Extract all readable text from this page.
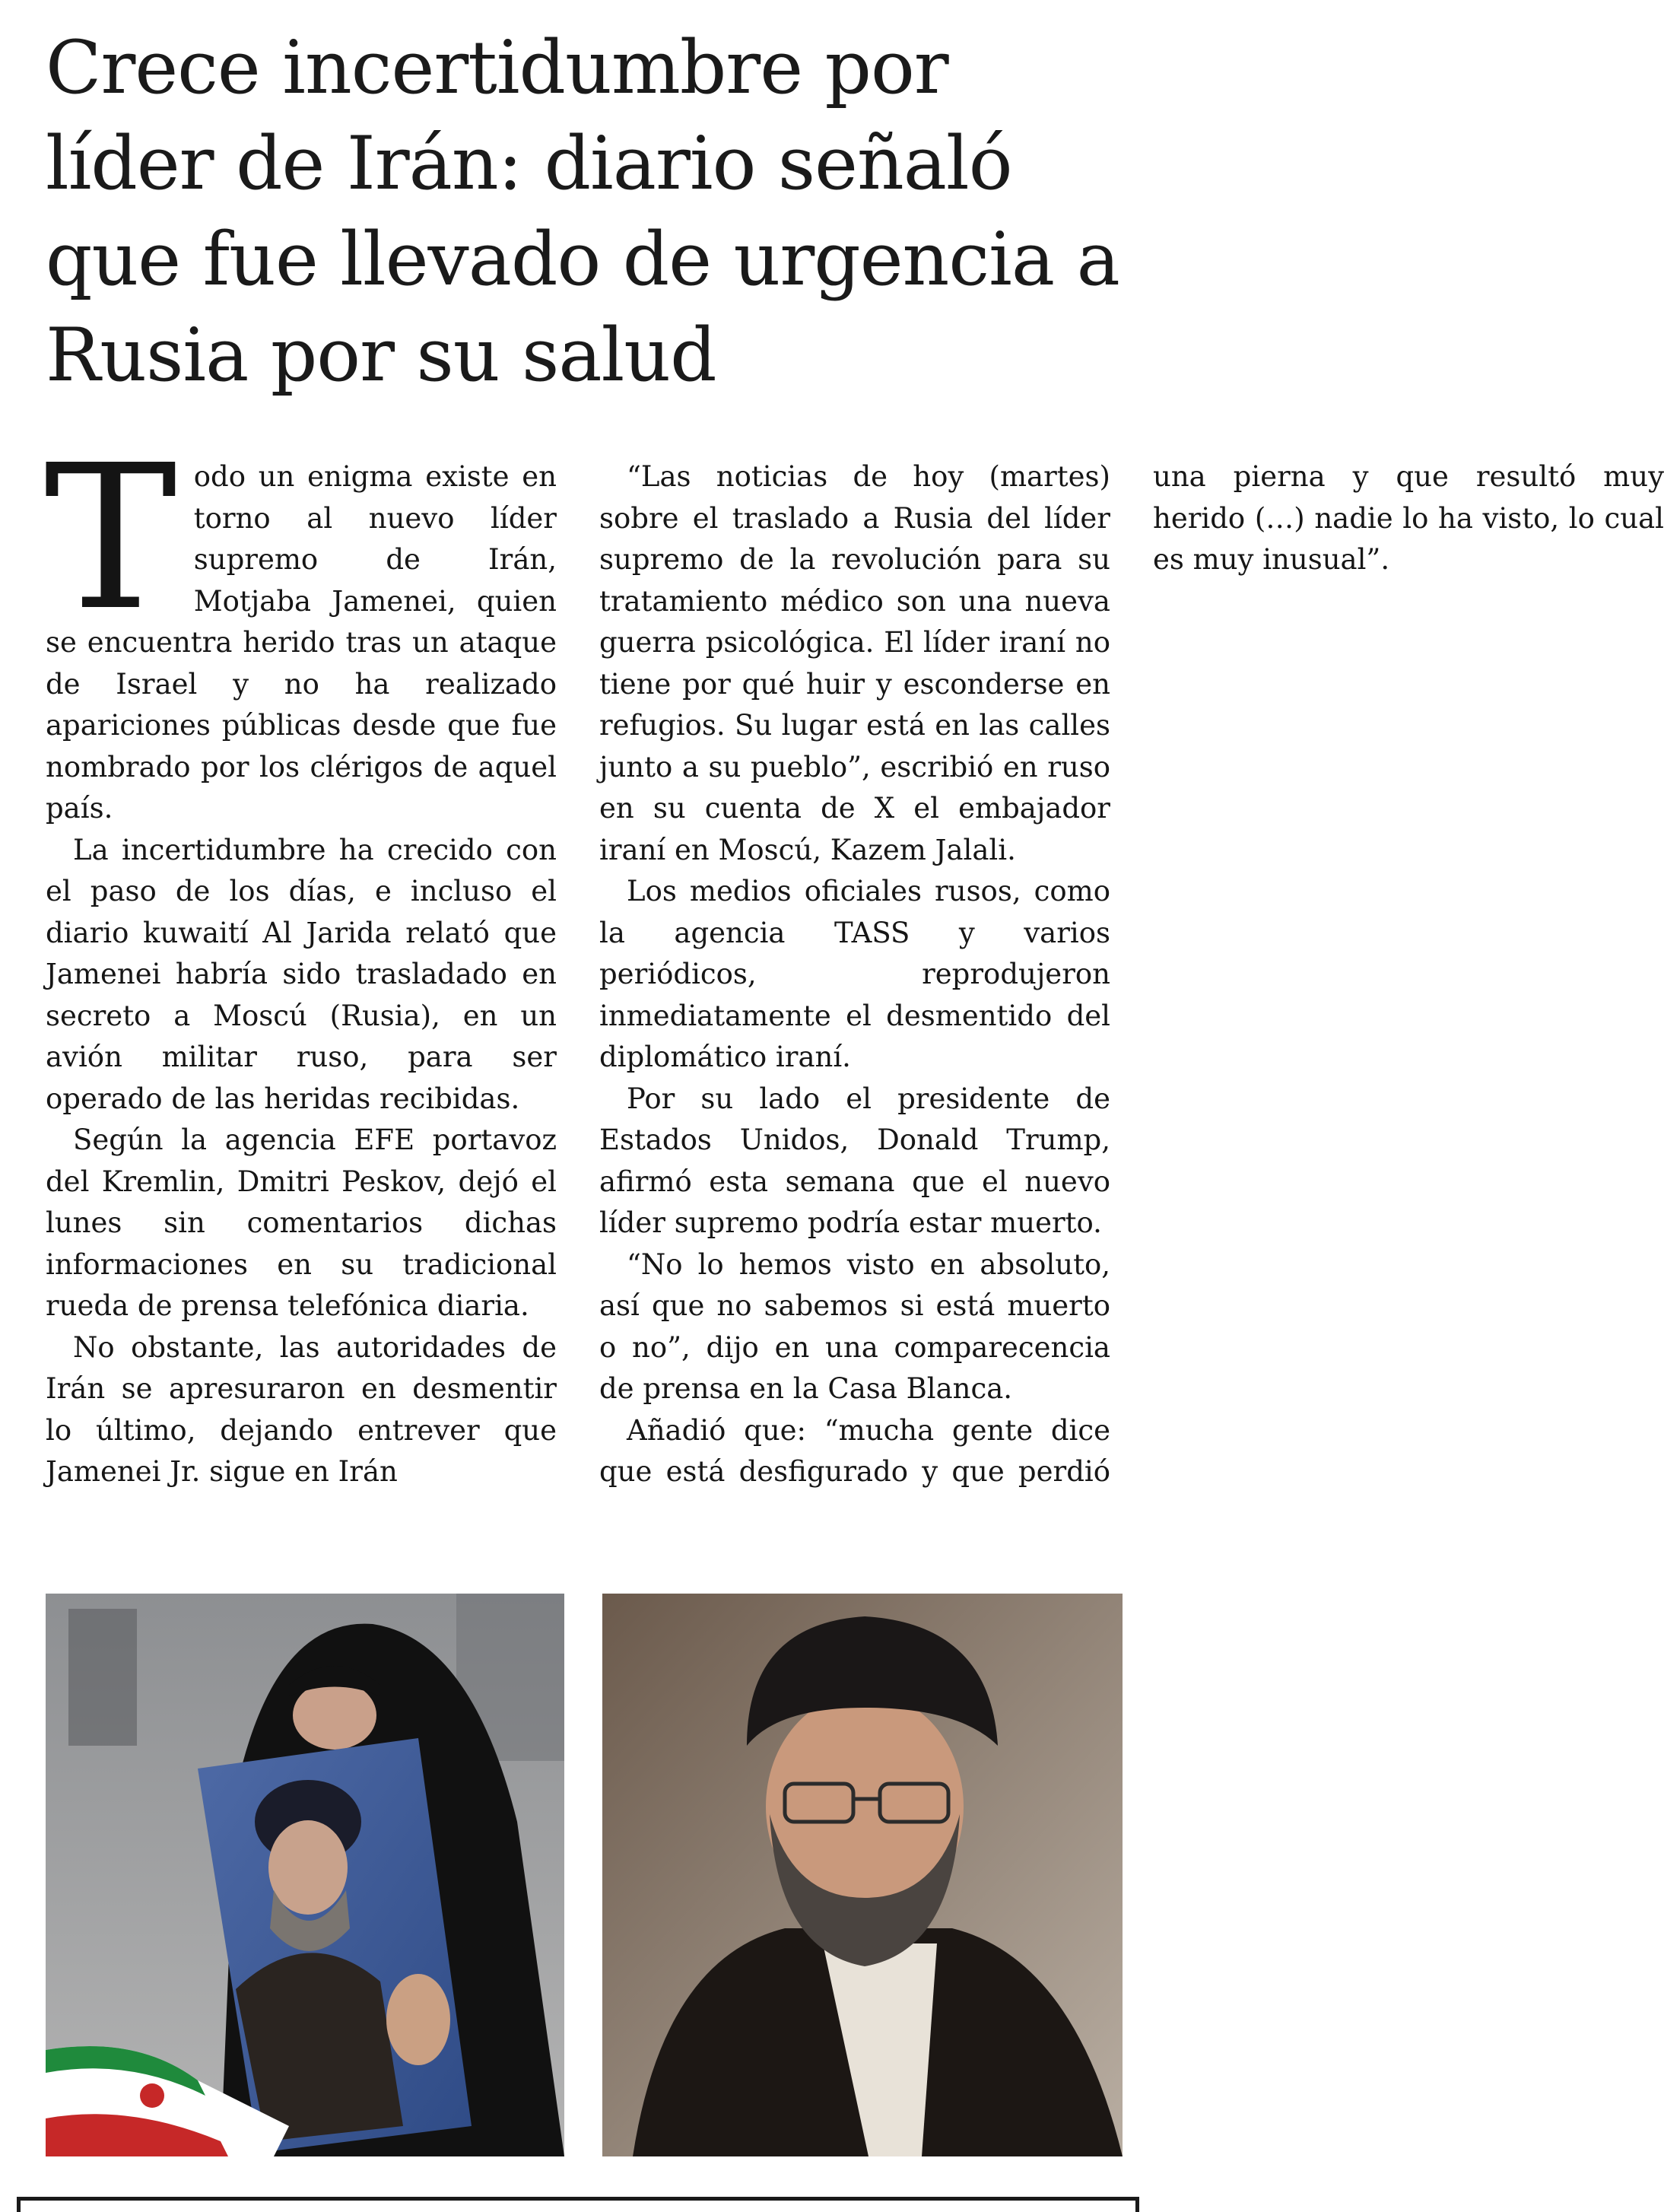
Crece incertidumbre por líder de Irán: diario señaló que fue llevado de urgencia a Rusia por su salud

Todo un enigma existe en torno al nuevo líder supremo de Irán, Motjaba Jamenei, quien se encuentra herido tras un ataque de Israel y no ha realizado apariciones públicas desde que fue nombrado por los clérigos de aquel país.

La incertidumbre ha crecido con el paso de los días, e incluso el diario kuwaití Al Jarida relató que Jamenei habría sido trasladado en secreto a Moscú (Rusia), en un avión militar ruso, para ser operado de las heridas recibidas.

Según la agencia EFE portavoz del Kremlin, Dmitri Peskov, dejó el lunes sin comentarios dichas informaciones en su tradicional rueda de prensa telefónica diaria.

No obstante, las autoridades de Irán se apresuraron en desmentir lo último, dejando entrever que Jamenei Jr. sigue en Irán

“Las noticias de hoy (martes) sobre el traslado a Rusia del líder supremo de la revolución para su tratamiento médico son una nueva guerra psicológica. El líder iraní no tiene por qué huir y esconderse en refugios. Su lugar está en las calles junto a su pueblo”, escribió en ruso en su cuenta de X el embajador iraní en Moscú, Kazem Jalali.

Los medios oficiales rusos, como la agencia TASS y varios periódicos, reprodujeron inmediatamente el desmentido del diplomático iraní.

Por su lado el presidente de Estados Unidos, Donald Trump, afirmó esta semana que el nuevo líder supremo podría estar muerto.

“No lo hemos visto en absoluto, así que no sabemos si está muerto o no”, dijo en una comparecencia de prensa en la Casa Blanca.

Añadió que: “mucha gente dice que está desfigurado y que perdió una pierna y que resultó muy herido (…) nadie lo ha visto, lo cual es muy inusual”.
